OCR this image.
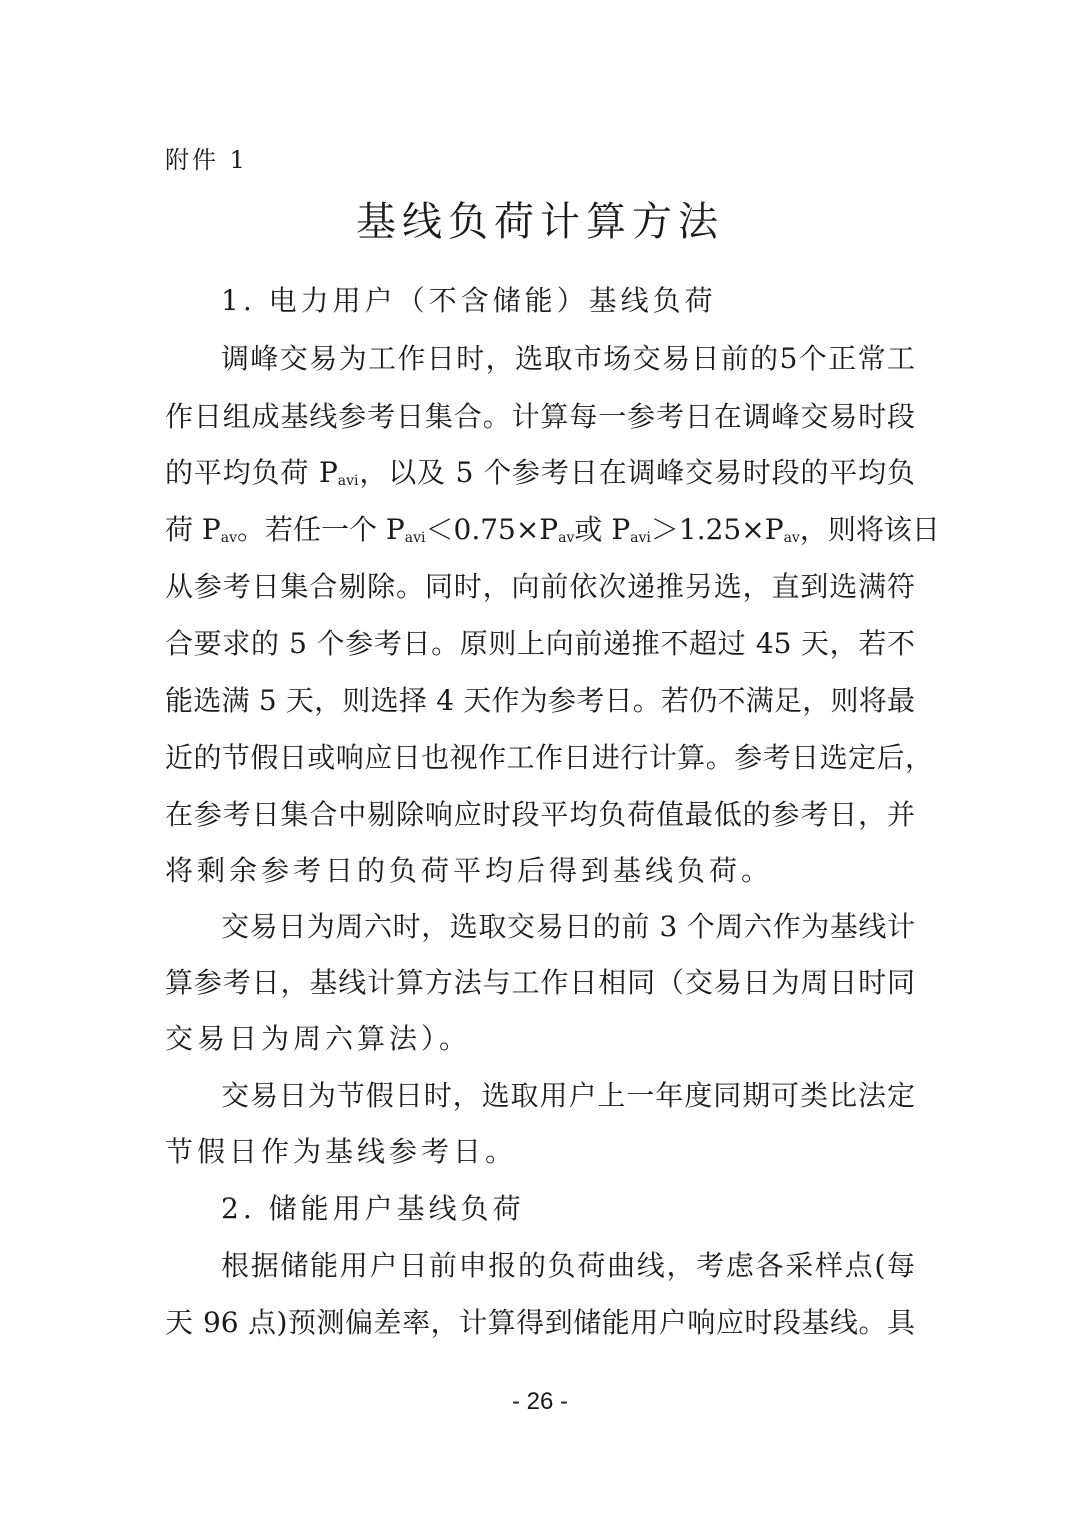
附件 1
基线负荷计算方法
1. 电力用户（不含储能）基线负荷
调峰交易为工作日时，选取市场交易日前的5个正常工
作日组成基线参考日集合。计算每一参考日在调峰交易时段
的平均负荷 $P_{avi}$，以及 5 个参考日在调峰交易时段的平均负
荷 $P_{av}$。若任一个 $P_{avi}<0.75\times P_{av}$或 $P_{avi}>1.25\times P_{av}$，则将该日
从参考日集合剔除。同时，向前依次递推另选，直到选满符
合要求的 5 个参考日。原则上向前递推不超过 45 天，若不
能选满 5 天，则选择 4 天作为参考日。若仍不满足，则将最
近的节假日或响应日也视作工作日进行计算。参考日选定后，
在参考日集合中剔除响应时段平均负荷值最低的参考日，并
将剩余参考日的负荷平均后得到基线负荷。
交易日为周六时，选取交易日的前 3 个周六作为基线计
算参考日，基线计算方法与工作日相同（交易日为周日时同
交易日为周六算法）。
交易日为节假日时，选取用户上一年度同期可类比法定
节假日作为基线参考日。
2. 储能用户基线负荷
根据储能用户日前申报的负荷曲线，考虑各采样点(每
天 96 点)预测偏差率，计算得到储能用户响应时段基线。具
- 26 -
